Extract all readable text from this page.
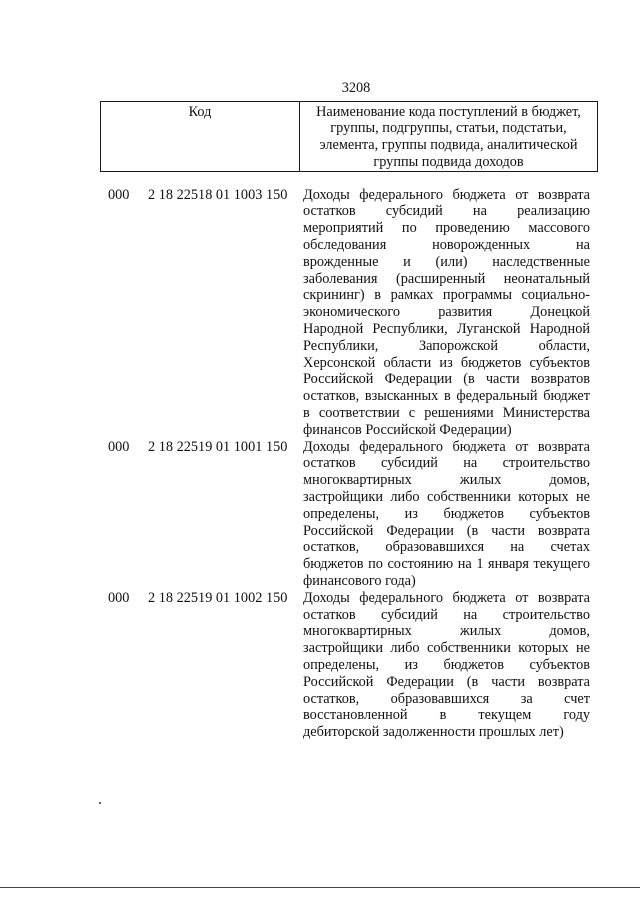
3208
Код	Наименование кода поступлений в бюджет,
группы, подгруппы, статьи, подстатьи,
элемента, группы подвида, аналитической
группы подвида доходов
000 2 18 22518 01 1003 150 Доходы федерального бюджета от возврата
остатков субсидий на реализацию
мероприятий по проведению массового
обследования новорожденных на
врожденные и (или) наследственные
заболевания (расширенный неонатальный
скрининг) в рамках программы социально-
экономического развития Донецкой
Народной Республики, Луганской Народной
Республики, Запорожской области,
Херсонской области из бюджетов субъектов
Российской Федерации (в части возвратов
остатков, взысканных в федеральный бюджет
в соответствии с решениями Министерства
финансов Российской Федерации)
000 2 18 22519 01 1001 150 Доходы федерального бюджета от возврата
остатков субсидий на строительство
многоквартирных жилых домов,
застройщики либо собственники которых не
определены, из бюджетов субъектов
Российской Федерации (в части возврата
остатков, образовавшихся на счетах
бюджетов по состоянию на 1 января текущего
финансового года)
000 2 18 22519 01 1002 150 Доходы федерального бюджета от возврата
остатков субсидий на строительство
многоквартирных жилых домов,
застройщики либо собственники которых не
определены, из бюджетов субъектов
Российской Федерации (в части возврата
остатков, образовавшихся за счет
восстановленной в текущем году
дебиторской задолженности прошлых лет)
